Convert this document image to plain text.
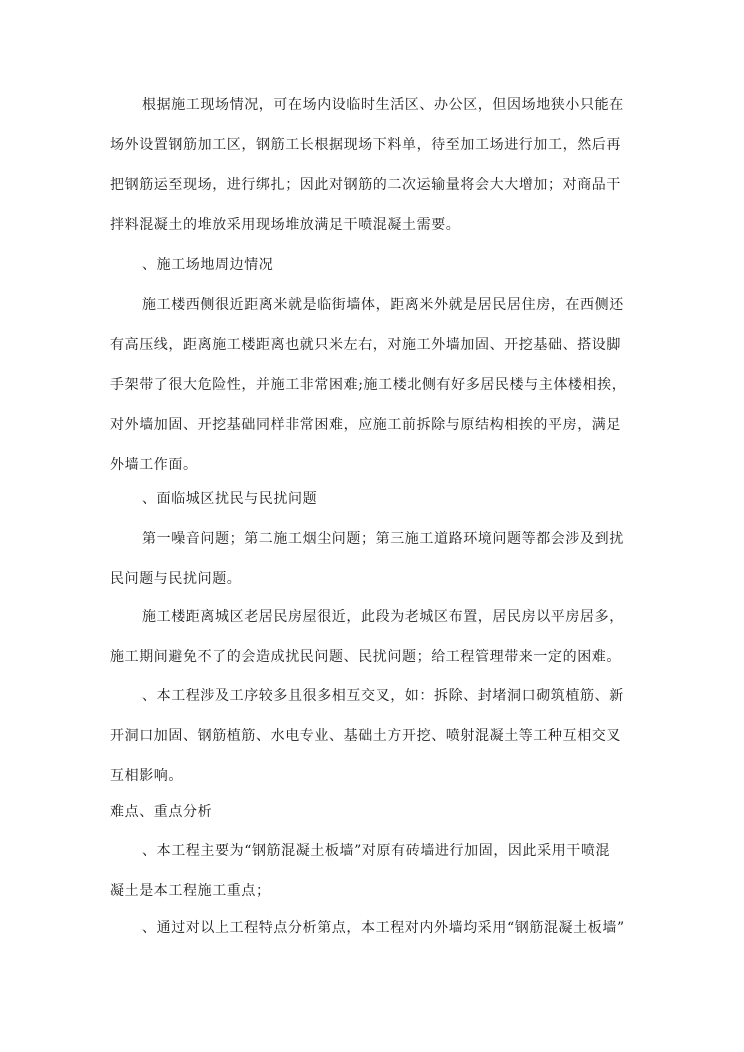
根据施工现场情况，可在场内设临时生活区、办公区，但因场地狭小只能在
场外设置钢筋加工区，钢筋工长根据现场下料单，待至加工场进行加工，然后再
把钢筋运至现场，进行绑扎；因此对钢筋的二次运输量将会大大增加；对商品干
拌料混凝土的堆放采用现场堆放满足干喷混凝土需要。
、施工场地周边情况
施工楼西侧很近距离米就是临街墙体，距离米外就是居民居住房，在西侧还
有高压线，距离施工楼距离也就只米左右，对施工外墙加固、开挖基础、搭设脚
手架带了很大危险性，并施工非常困难;施工楼北侧有好多居民楼与主体楼相挨，
对外墙加固、开挖基础同样非常困难，应施工前拆除与原结构相挨的平房，满足
外墙工作面。
、面临城区扰民与民扰问题
第一噪音问题；第二施工烟尘问题；第三施工道路环境问题等都会涉及到扰
民问题与民扰问题。
施工楼距离城区老居民房屋很近，此段为老城区布置，居民房以平房居多，
施工期间避免不了的会造成扰民问题、民扰问题；给工程管理带来一定的困难。
、本工程涉及工序较多且很多相互交叉，如：拆除、封堵洞口砌筑植筋、新
开洞口加固、钢筋植筋、水电专业、基础土方开挖、喷射混凝土等工种互相交叉
互相影响。
难点、重点分析
、本工程主要为“钢筋混凝土板墙”对原有砖墙进行加固，因此采用干喷混
凝土是本工程施工重点；
、通过对以上工程特点分析第点，本工程对内外墙均采用“钢筋混凝土板墙”
